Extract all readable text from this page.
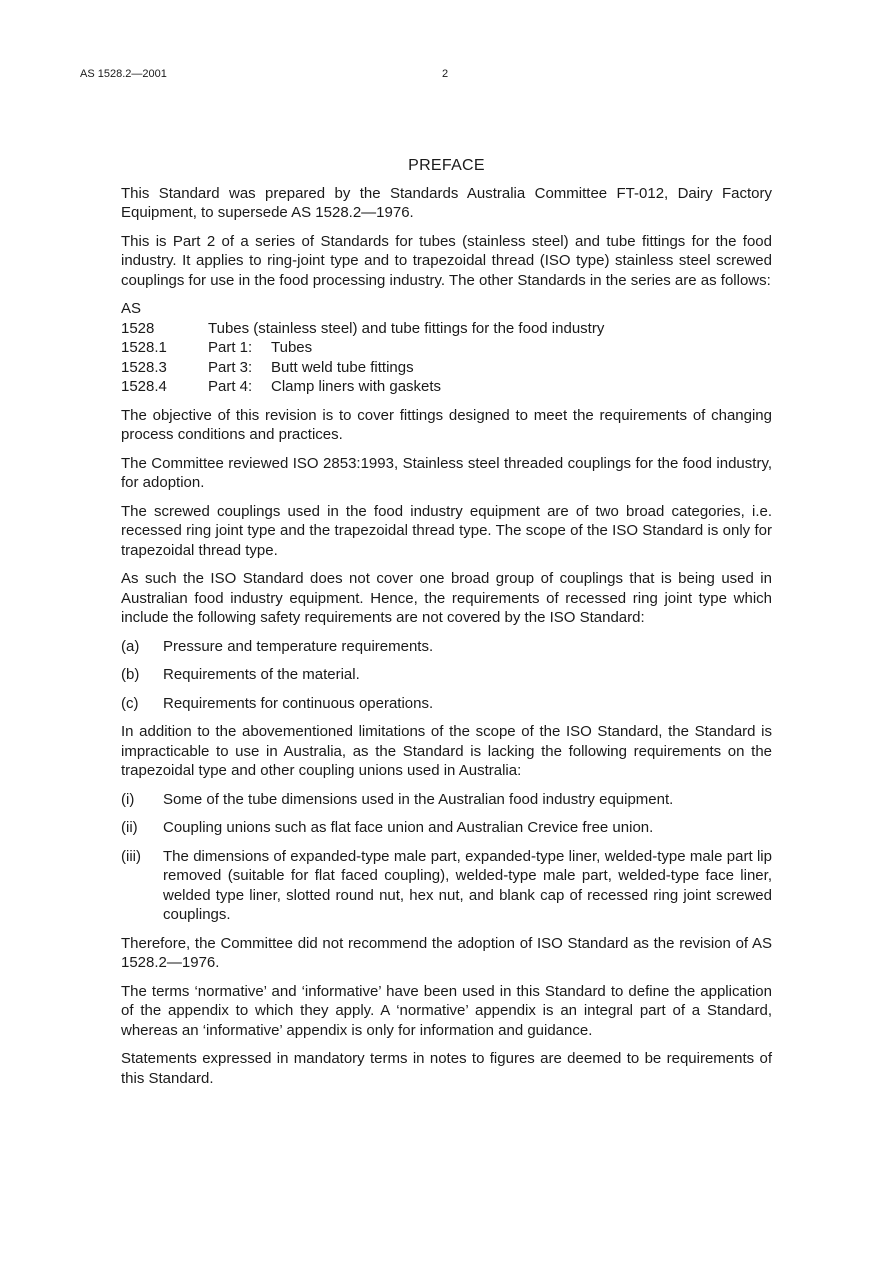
AS 1528.2—2001	2
PREFACE

This Standard was prepared by the Standards Australia Committee FT-012, Dairy Factory Equipment, to supersede AS 1528.2—1976.

This is Part 2 of a series of Standards for tubes (stainless steel) and tube fittings for the food industry. It applies to ring-joint type and to trapezoidal thread (ISO type) stainless steel screwed couplings for use in the food processing industry. The other Standards in the series are as follows:

AS
1528	Tubes (stainless steel) and tube fittings for the food industry
1528.1	Part 1:	Tubes
1528.3	Part 3:	Butt weld tube fittings
1528.4	Part 4:	Clamp liners with gaskets

The objective of this revision is to cover fittings designed to meet the requirements of changing process conditions and practices.

The Committee reviewed ISO 2853:1993, Stainless steel threaded couplings for the food industry, for adoption.

The screwed couplings used in the food industry equipment are of two broad categories, i.e. recessed ring joint type and the trapezoidal thread type. The scope of the ISO Standard is only for trapezoidal thread type.

As such the ISO Standard does not cover one broad group of couplings that is being used in Australian food industry equipment. Hence, the requirements of recessed ring joint type which include the following safety requirements are not covered by the ISO Standard:

(a)	Pressure and temperature requirements.
(b)	Requirements of the material.
(c)	Requirements for continuous operations.

In addition to the abovementioned limitations of the scope of the ISO Standard, the Standard is impracticable to use in Australia, as the Standard is lacking the following requirements on the trapezoidal type and other coupling unions used in Australia:

(i)	Some of the tube dimensions used in the Australian food industry equipment.
(ii)	Coupling unions such as flat face union and Australian Crevice free union.
(iii)	The dimensions of expanded-type male part, expanded-type liner, welded-type male part lip removed (suitable for flat faced coupling), welded-type male part, welded-type face liner, welded type liner, slotted round nut, hex nut, and blank cap of recessed ring joint screwed couplings.

Therefore, the Committee did not recommend the adoption of ISO Standard as the revision of AS 1528.2—1976.

The terms ‘normative’ and ‘informative’ have been used in this Standard to define the application of the appendix to which they apply. A ‘normative’ appendix is an integral part of a Standard, whereas an ‘informative’ appendix is only for information and guidance.

Statements expressed in mandatory terms in notes to figures are deemed to be requirements of this Standard.
